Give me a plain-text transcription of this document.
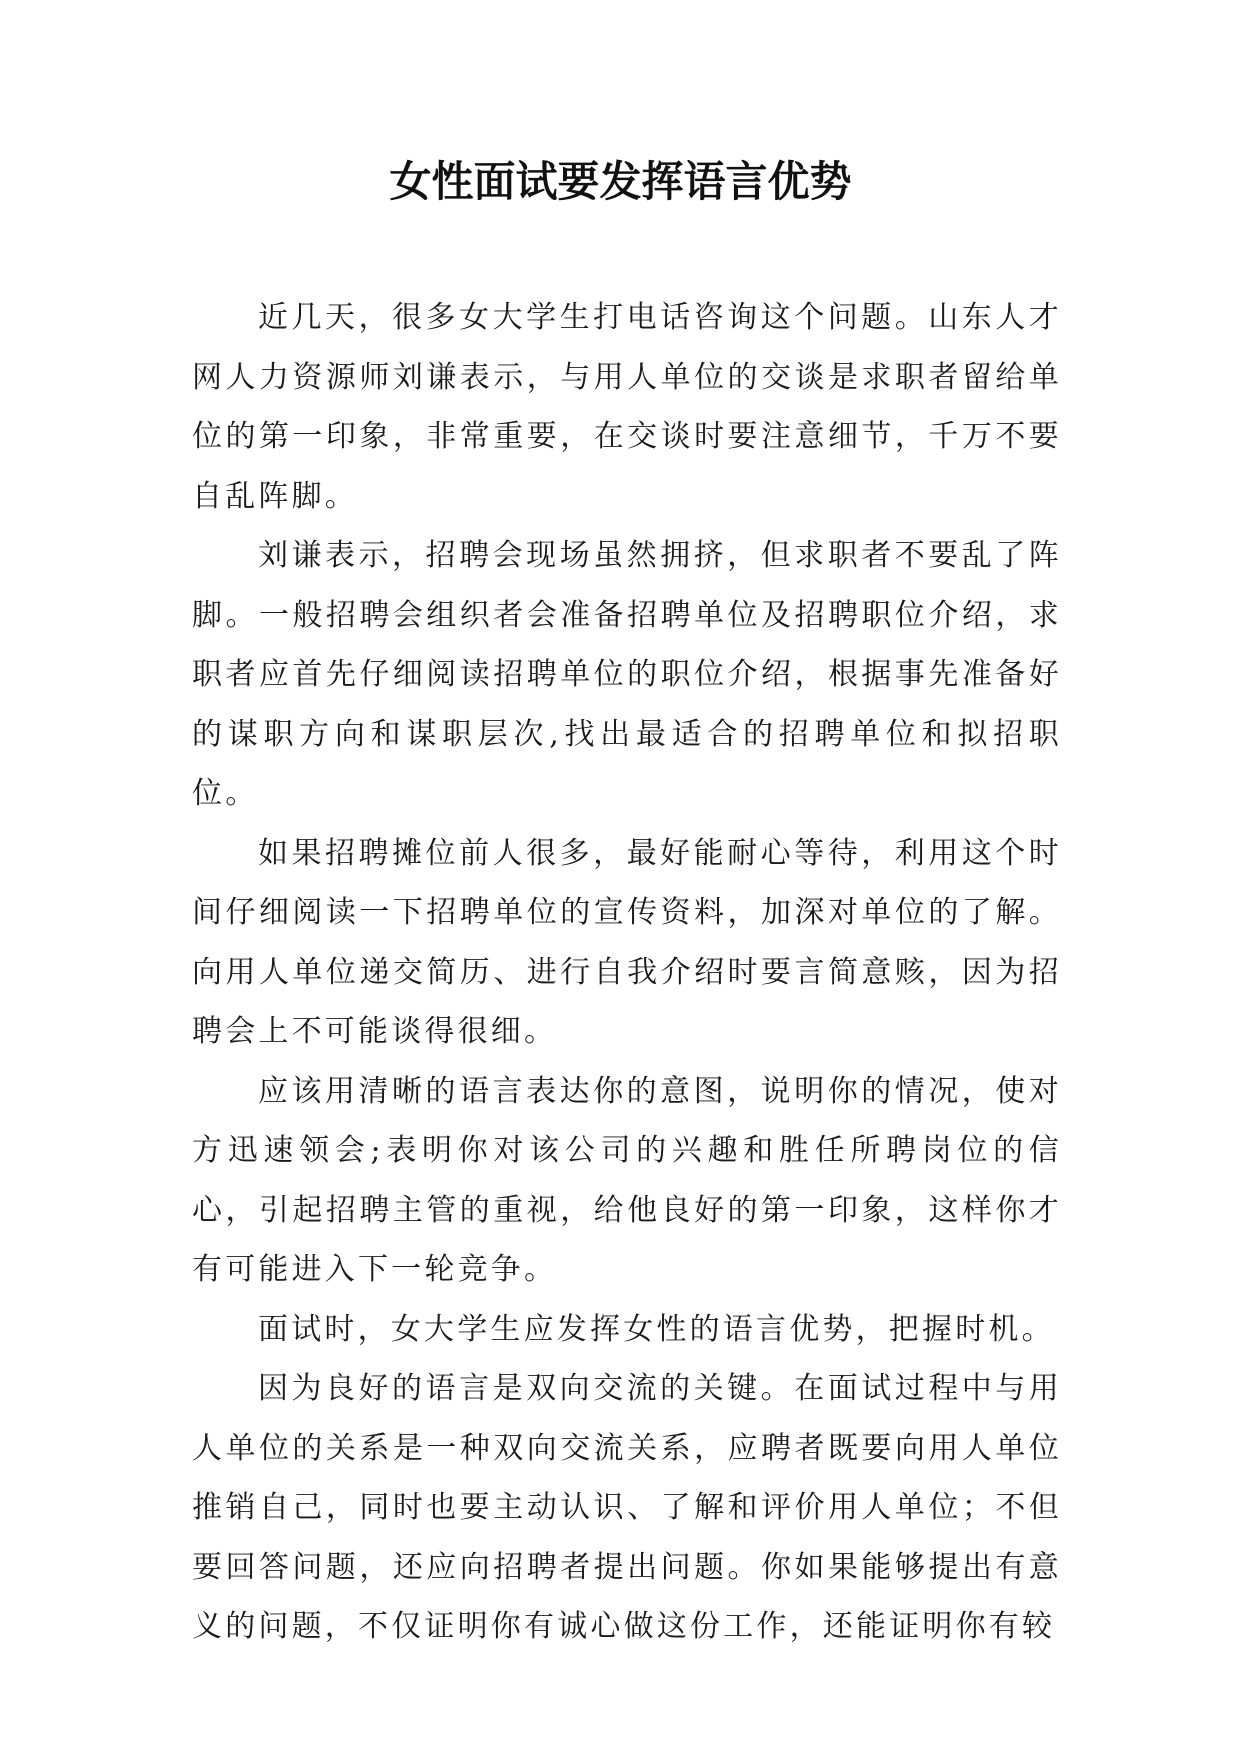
女性面试要发挥语言优势

近几天，很多女大学生打电话咨询这个问题。山东人才网人力资源师刘谦表示，与用人单位的交谈是求职者留给单位的第一印象，非常重要，在交谈时要注意细节，千万不要自乱阵脚。

刘谦表示，招聘会现场虽然拥挤，但求职者不要乱了阵脚。一般招聘会组织者会准备招聘单位及招聘职位介绍，求职者应首先仔细阅读招聘单位的职位介绍，根据事先准备好的谋职方向和谋职层次,找出最适合的招聘单位和拟招职位。

如果招聘摊位前人很多，最好能耐心等待，利用这个时间仔细阅读一下招聘单位的宣传资料，加深对单位的了解。向用人单位递交简历、进行自我介绍时要言简意赅，因为招聘会上不可能谈得很细。

应该用清晰的语言表达你的意图，说明你的情况，使对方迅速领会;表明你对该公司的兴趣和胜任所聘岗位的信心，引起招聘主管的重视，给他良好的第一印象，这样你才有可能进入下一轮竞争。

面试时，女大学生应发挥女性的语言优势，把握时机。

因为良好的语言是双向交流的关键。在面试过程中与用人单位的关系是一种双向交流关系，应聘者既要向用人单位推销自己，同时也要主动认识、了解和评价用人单位；不但要回答问题，还应向招聘者提出问题。你如果能够提出有意义的问题，不仅证明你有诚心做这份工作，还能证明你有较
